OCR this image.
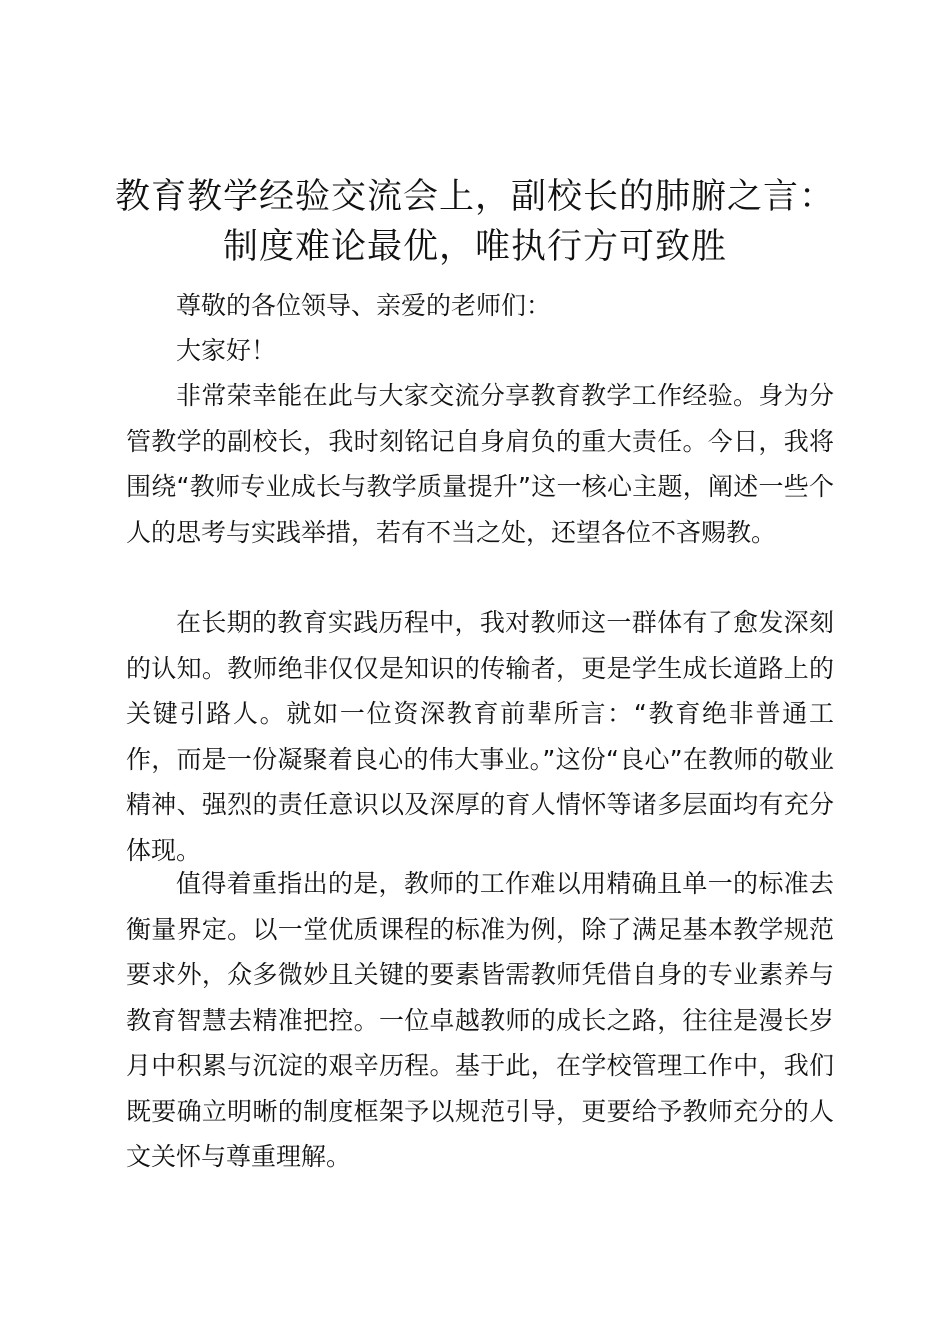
教育教学经验交流会上，副校长的肺腑之言：
制度难论最优，唯执行方可致胜

尊敬的各位领导、亲爱的老师们：

大家好！

非常荣幸能在此与大家交流分享教育教学工作经验。身为分管教学的副校长，我时刻铭记自身肩负的重大责任。今日，我将围绕“教师专业成长与教学质量提升”这一核心主题，阐述一些个人的思考与实践举措，若有不当之处，还望各位不吝赐教。

在长期的教育实践历程中，我对教师这一群体有了愈发深刻的认知。教师绝非仅仅是知识的传输者，更是学生成长道路上的关键引路人。就如一位资深教育前辈所言：“教育绝非普通工作，而是一份凝聚着良心的伟大事业。”这份“良心”在教师的敬业精神、强烈的责任意识以及深厚的育人情怀等诸多层面均有充分体现。

值得着重指出的是，教师的工作难以用精确且单一的标准去衡量界定。以一堂优质课程的标准为例，除了满足基本教学规范要求外，众多微妙且关键的要素皆需教师凭借自身的专业素养与教育智慧去精准把控。一位卓越教师的成长之路，往往是漫长岁月中积累与沉淀的艰辛历程。基于此，在学校管理工作中，我们既要确立明晰的制度框架予以规范引导，更要给予教师充分的人文关怀与尊重理解。
